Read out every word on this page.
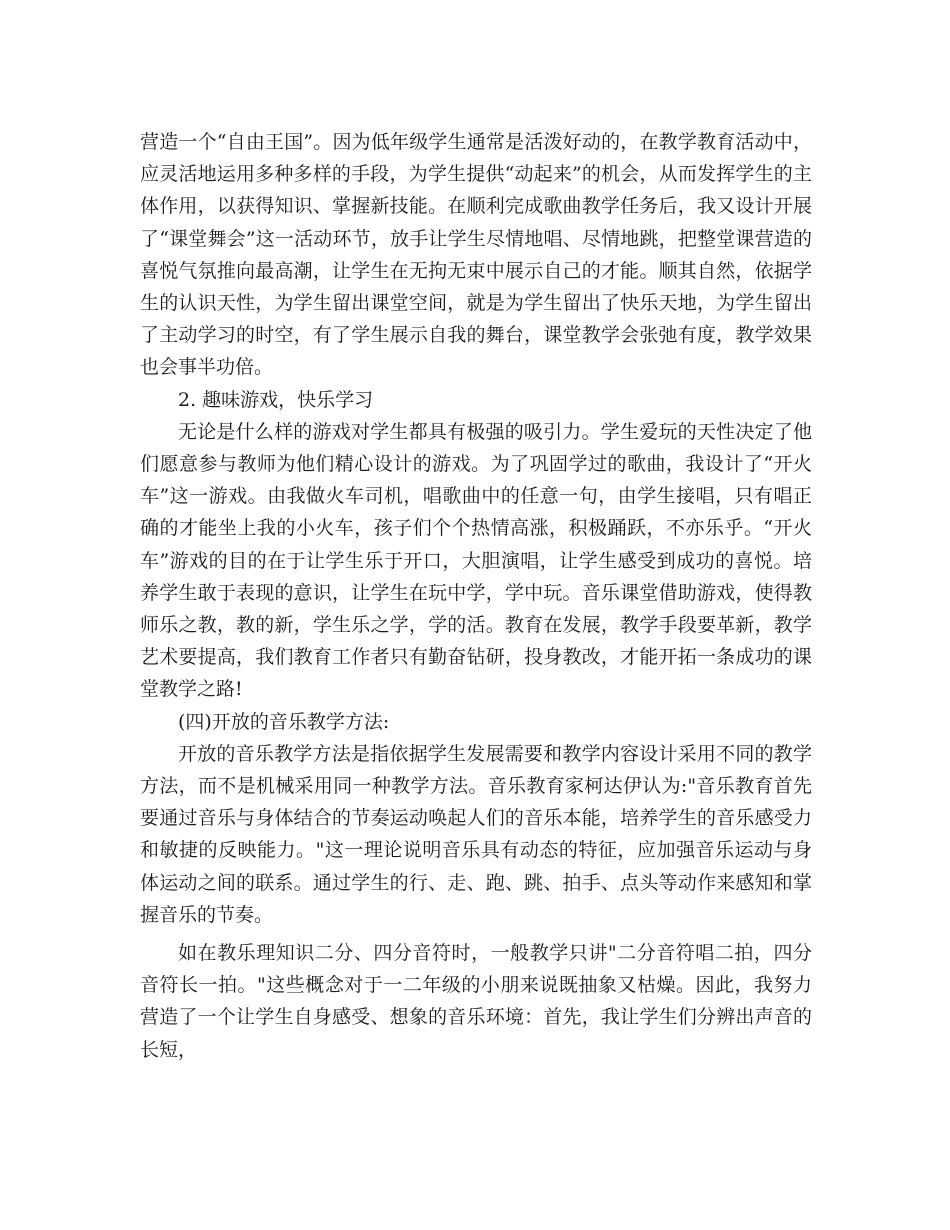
营造一个“自由王国”。因为低年级学生通常是活泼好动的，在教学教育活动中，应灵活地运用多种多样的手段，为学生提供“动起来”的机会，从而发挥学生的主体作用，以获得知识、掌握新技能。在顺利完成歌曲教学任务后，我又设计开展了“课堂舞会”这一活动环节，放手让学生尽情地唱、尽情地跳，把整堂课营造的喜悦气氛推向最高潮，让学生在无拘无束中展示自己的才能。顺其自然，依据学生的认识天性，为学生留出课堂空间，就是为学生留出了快乐天地，为学生留出了主动学习的时空，有了学生展示自我的舞台，课堂教学会张弛有度，教学效果也会事半功倍。

2. 趣味游戏，快乐学习

无论是什么样的游戏对学生都具有极强的吸引力。学生爱玩的天性决定了他们愿意参与教师为他们精心设计的游戏。为了巩固学过的歌曲，我设计了“开火车”这一游戏。由我做火车司机，唱歌曲中的任意一句，由学生接唱，只有唱正确的才能坐上我的小火车，孩子们个个热情高涨，积极踊跃，不亦乐乎。“开火车”游戏的目的在于让学生乐于开口，大胆演唱，让学生感受到成功的喜悦。培养学生敢于表现的意识，让学生在玩中学，学中玩。音乐课堂借助游戏，使得教师乐之教，教的新，学生乐之学，学的活。教育在发展，教学手段要革新，教学艺术要提高，我们教育工作者只有勤奋钻研，投身教改，才能开拓一条成功的课堂教学之路!

(四)开放的音乐教学方法:

开放的音乐教学方法是指依据学生发展需要和教学内容设计采用不同的教学方法，而不是机械采用同一种教学方法。音乐教育家柯达伊认为:"音乐教育首先要通过音乐与身体结合的节奏运动唤起人们的音乐本能，培养学生的音乐感受力和敏捷的反映能力。"这一理论说明音乐具有动态的特征，应加强音乐运动与身体运动之间的联系。通过学生的行、走、跑、跳、拍手、点头等动作来感知和掌握音乐的节奏。

如在教乐理知识二分、四分音符时，一般教学只讲"二分音符唱二拍，四分音符长一拍。"这些概念对于一二年级的小朋来说既抽象又枯燥。因此，我努力营造了一个让学生自身感受、想象的音乐环境：首先，我让学生们分辨出声音的长短，
